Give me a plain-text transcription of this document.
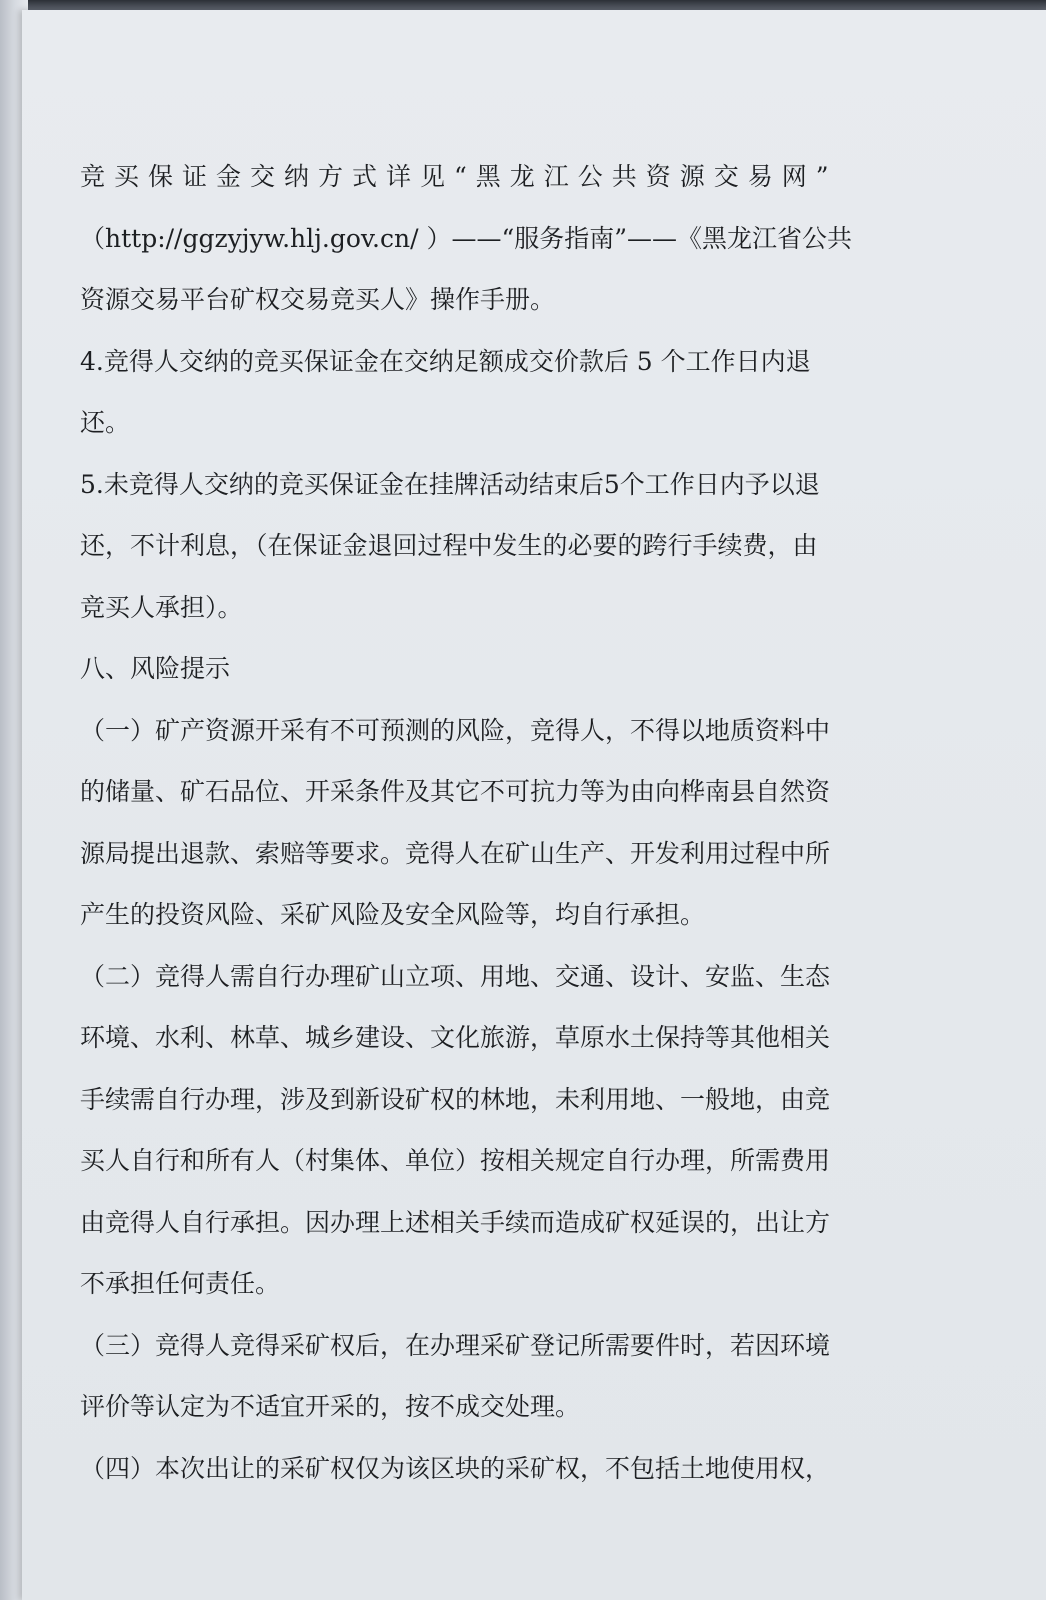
竞买保证金交纳方式详见“黑龙江公共资源交易网”
（http://ggzyjyw.hlj.gov.cn/ ）——“服务指南”——《黑龙江省公共
资源交易平台矿权交易竞买人》操作手册。
4.竞得人交纳的竞买保证金在交纳足额成交价款后 5 个工作日内退
还。
5.未竞得人交纳的竞买保证金在挂牌活动结束后5个工作日内予以退
还，不计利息，（在保证金退回过程中发生的必要的跨行手续费，由
竞买人承担）。
八、风险提示
（一）矿产资源开采有不可预测的风险，竞得人，不得以地质资料中
的储量、矿石品位、开采条件及其它不可抗力等为由向桦南县自然资
源局提出退款、索赔等要求。竞得人在矿山生产、开发利用过程中所
产生的投资风险、采矿风险及安全风险等，均自行承担。
（二）竞得人需自行办理矿山立项、用地、交通、设计、安监、生态
环境、水利、林草、城乡建设、文化旅游，草原水土保持等其他相关
手续需自行办理，涉及到新设矿权的林地，未利用地、一般地，由竞
买人自行和所有人（村集体、单位）按相关规定自行办理，所需费用
由竞得人自行承担。因办理上述相关手续而造成矿权延误的，出让方
不承担任何责任。
（三）竞得人竞得采矿权后，在办理采矿登记所需要件时，若因环境
评价等认定为不适宜开采的，按不成交处理。
（四）本次出让的采矿权仅为该区块的采矿权，不包括土地使用权，
